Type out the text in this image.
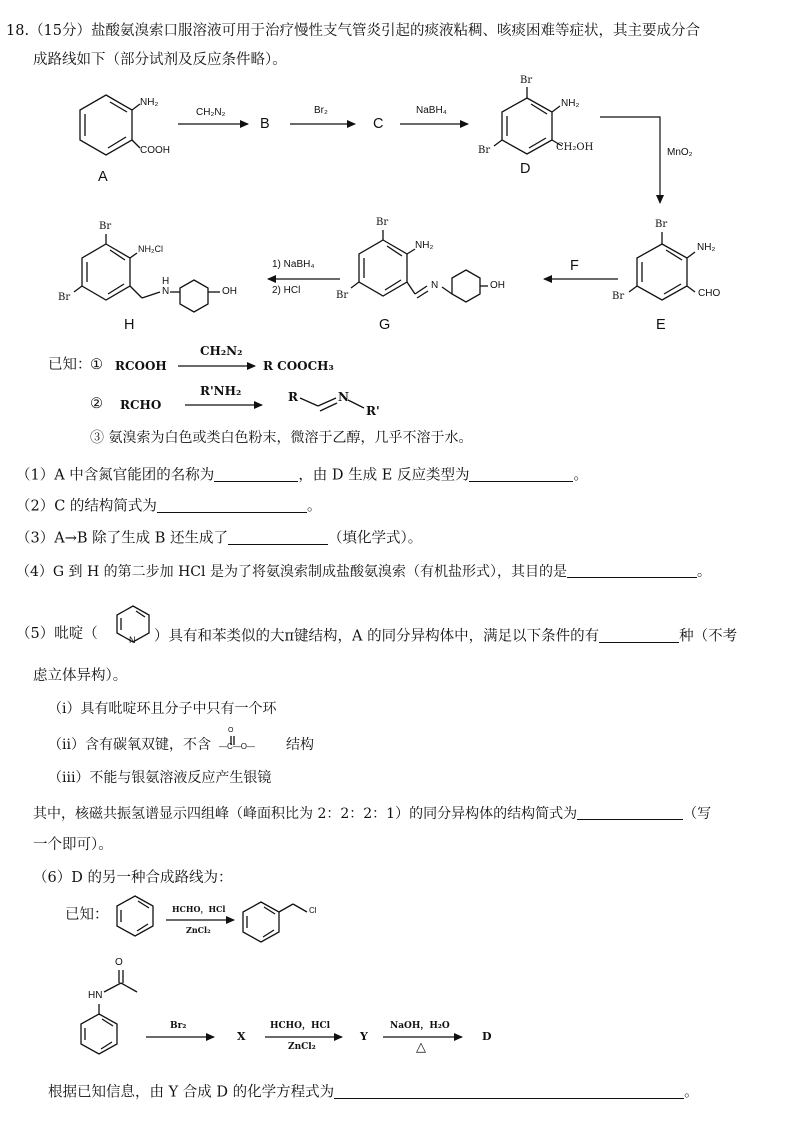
18.（15分）盐酸氨溴索口服溶液可用于治疗慢性支气管炎引起的痰液粘稠、咳痰困难等症状，其主要成分合
成路线如下（部分试剂及反应条件略）。
NH₂
COOH
A
CH₂N₂
B
Br₂
C
NaBH₄
Br
NH₂
Br	CH₂OH
D
MnO₂
Br
NH₂
Br	CHO
E
F
Br
NH₂
Br
N	OH
G
1) NaBH₄
2) HCl
Br
NH₂Cl
Br
H
N	OH
H
已知：
① RCOOH
CH₂N₂
R COOCH₃
② RCHO
R'NH₂	R	N
R'
③ 氨溴索为白色或类白色粉末，微溶于乙醇，几乎不溶于水。
（1）A 中含氮官能团的名称为	，由 D 生成 E 反应类型为	。
（2）C 的结构简式为	。
（3）A→B 除了生成 B 还生成了	（填化学式）。
（4）G 到 H 的第二步加 HCl 是为了将氨溴索制成盐酸氨溴索（有机盐形式），其目的是	。
（5）吡啶（	N ）具有和苯类似的大π键结构，A 的同分异构体中，满足以下条件的有	种（不考
虑立体异构）。
（i）具有吡啶环且分子中只有一个环
（ii）含有碳氧双键，不含
O
—C—O— 结构
（iii）不能与银氨溶液反应产生银镜
其中，核磁共振氢谱显示四组峰（峰面积比为 2：2：2：1）的同分异构体的结构简式为	（写
一个即可）。
（6）D 的另一种合成路线为：
已知：	HCHO，HCl
ZnCl₂
Cl
O
HN
Br₂
X
HCHO，HCl
ZnCl₂
Y
NaOH，H₂O
△
D
根据已知信息，由 Y 合成 D 的化学方程式为	。
